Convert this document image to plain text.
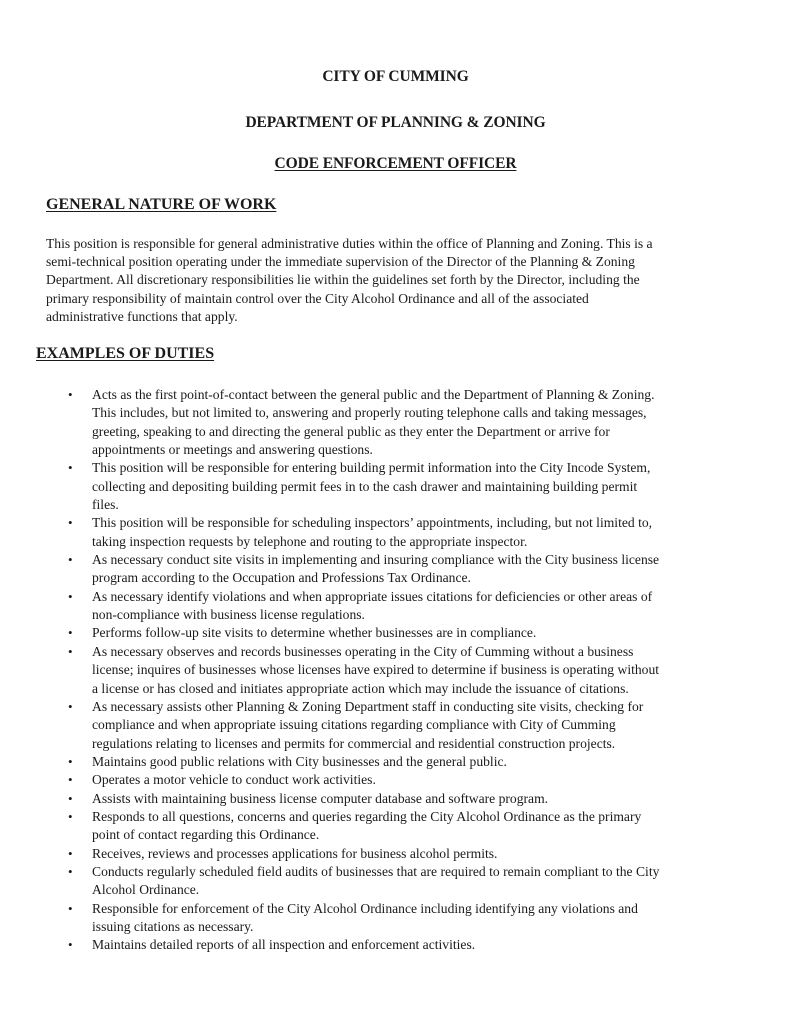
CITY OF CUMMING
DEPARTMENT OF PLANNING & ZONING
CODE ENFORCEMENT OFFICER
GENERAL NATURE OF WORK
This position is responsible for general administrative duties within the office of Planning and Zoning. This is a
semi-technical position operating under the immediate supervision of the Director of the Planning & Zoning
Department. All discretionary responsibilities lie within the guidelines set forth by the Director, including the
primary responsibility of maintain control over the City Alcohol Ordinance and all of the associated
administrative functions that apply.
EXAMPLES OF DUTIES
• Acts as the first point-of-contact between the general public and the Department of Planning & Zoning.
This includes, but not limited to, answering and properly routing telephone calls and taking messages,
greeting, speaking to and directing the general public as they enter the Department or arrive for
appointments or meetings and answering questions.
• This position will be responsible for entering building permit information into the City Incode System,
collecting and depositing building permit fees in to the cash drawer and maintaining building permit
files.
• This position will be responsible for scheduling inspectors’ appointments, including, but not limited to,
taking inspection requests by telephone and routing to the appropriate inspector.
• As necessary conduct site visits in implementing and insuring compliance with the City business license
program according to the Occupation and Professions Tax Ordinance.
• As necessary identify violations and when appropriate issues citations for deficiencies or other areas of
non-compliance with business license regulations.
• Performs follow-up site visits to determine whether businesses are in compliance.
• As necessary observes and records businesses operating in the City of Cumming without a business
license; inquires of businesses whose licenses have expired to determine if business is operating without
a license or has closed and initiates appropriate action which may include the issuance of citations.
• As necessary assists other Planning & Zoning Department staff in conducting site visits, checking for
compliance and when appropriate issuing citations regarding compliance with City of Cumming
regulations relating to licenses and permits for commercial and residential construction projects.
• Maintains good public relations with City businesses and the general public.
• Operates a motor vehicle to conduct work activities.
• Assists with maintaining business license computer database and software program.
• Responds to all questions, concerns and queries regarding the City Alcohol Ordinance as the primary
point of contact regarding this Ordinance.
• Receives, reviews and processes applications for business alcohol permits.
• Conducts regularly scheduled field audits of businesses that are required to remain compliant to the City
Alcohol Ordinance.
• Responsible for enforcement of the City Alcohol Ordinance including identifying any violations and
issuing citations as necessary.
• Maintains detailed reports of all inspection and enforcement activities.
